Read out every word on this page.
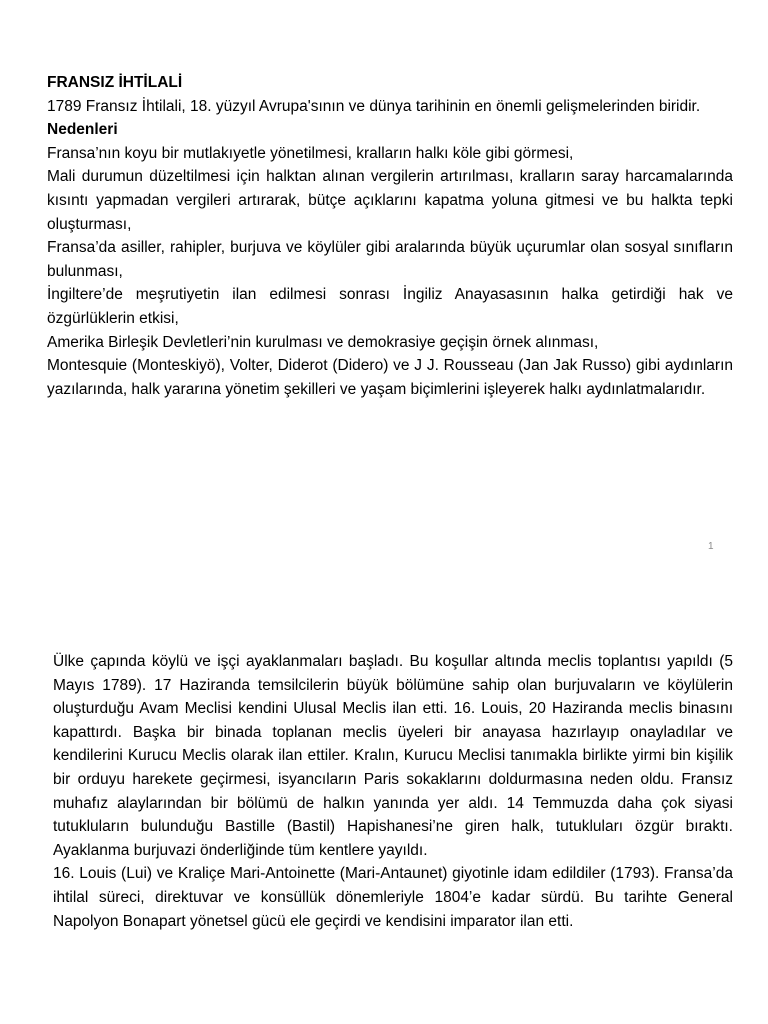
FRANSIZ İHTİLALİ

1789 Fransız İhtilali, 18. yüzyıl Avrupa'sının ve dünya tarihinin en önemli gelişmelerinden biridir.

Nedenleri

Fransa’nın koyu bir mutlakıyetle yönetilmesi, kralların halkı köle gibi görmesi,

Mali durumun düzeltilmesi için halktan alınan vergilerin artırılması, kralların saray harcamalarında kısıntı yapmadan vergileri artırarak, bütçe açıklarını kapatma yoluna gitmesi ve bu halkta tepki oluşturması,

Fransa’da asiller, rahipler, burjuva ve köylüler gibi aralarında büyük uçurumlar olan sosyal sınıfların bulunması,

İngiltere’de meşrutiyetin ilan edilmesi sonrası İngiliz Anayasasının halka getirdiği hak ve özgürlüklerin etkisi,

Amerika Birleşik Devletleri’nin kurulması ve demokrasiye geçişin örnek alınması,

Montesquie (Monteskiyö), Volter, Diderot (Didero) ve J J. Rousseau (Jan Jak Russo) gibi aydınların yazılarında, halk yararına yönetim şekilleri ve yaşam biçimlerini işleyerek halkı aydınlatmalarıdır.

1

Ülke çapında köylü ve işçi ayaklanmaları başladı. Bu koşullar altında meclis toplantısı yapıldı (5 Mayıs 1789). 17 Haziranda temsilcilerin büyük bölümüne sahip olan burjuvaların ve köylülerin oluşturduğu Avam Meclisi kendini Ulusal Meclis ilan etti. 16. Louis, 20 Haziranda meclis binasını kapattırdı. Başka bir binada toplanan meclis üyeleri bir anayasa hazırlayıp onayladılar ve kendilerini Kurucu Meclis olarak ilan ettiler. Kralın, Kurucu Meclisi tanımakla birlikte yirmi bin kişilik bir orduyu harekete geçirmesi, isyancıların Paris sokaklarını doldurmasına neden oldu. Fransız muhafız alaylarından bir bölümü de halkın yanında yer aldı. 14 Temmuzda daha çok siyasi tutukluların bulunduğu Bastille (Bastil) Hapishanesi’ne giren halk, tutukluları özgür bıraktı. Ayaklanma burjuvazi önderliğinde tüm kentlere yayıldı.

16. Louis (Lui) ve Kraliçe Mari-Antoinette (Mari-Antaunet) giyotinle idam edildiler (1793). Fransa’da ihtilal süreci, direktuvar ve konsüllük dönemleriyle 1804’e kadar sürdü. Bu tarihte General Napolyon Bonapart yönetsel gücü ele geçirdi ve kendisini imparator ilan etti.
